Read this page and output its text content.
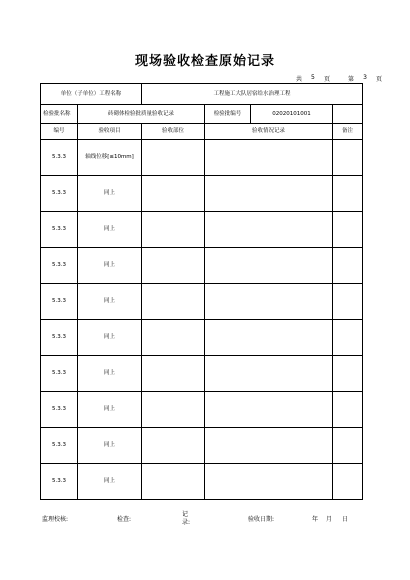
现场验收检查原始记录
共	5	页	第	3	页
单位（子单位）工程名称		工程施工大队居宿给水治理工程		
检验批名称	砖砌体检验批质量验收记录		检验批编号 02020101001	

编号	验收项目	验收部位	验收情况记录	备注
5.3.3	轴线位移[≤10mm]			
5.3.3	同上			
5.3.3	同上			
5.3.3	同上			
5.3.3	同上			
5.3.3	同上			
5.3.3	同上			
5.3.3	同上			
5.3.3	同上			
5.3.3	同上			
监理校核:	检查:
记录:	验收日期:	年 月 日
